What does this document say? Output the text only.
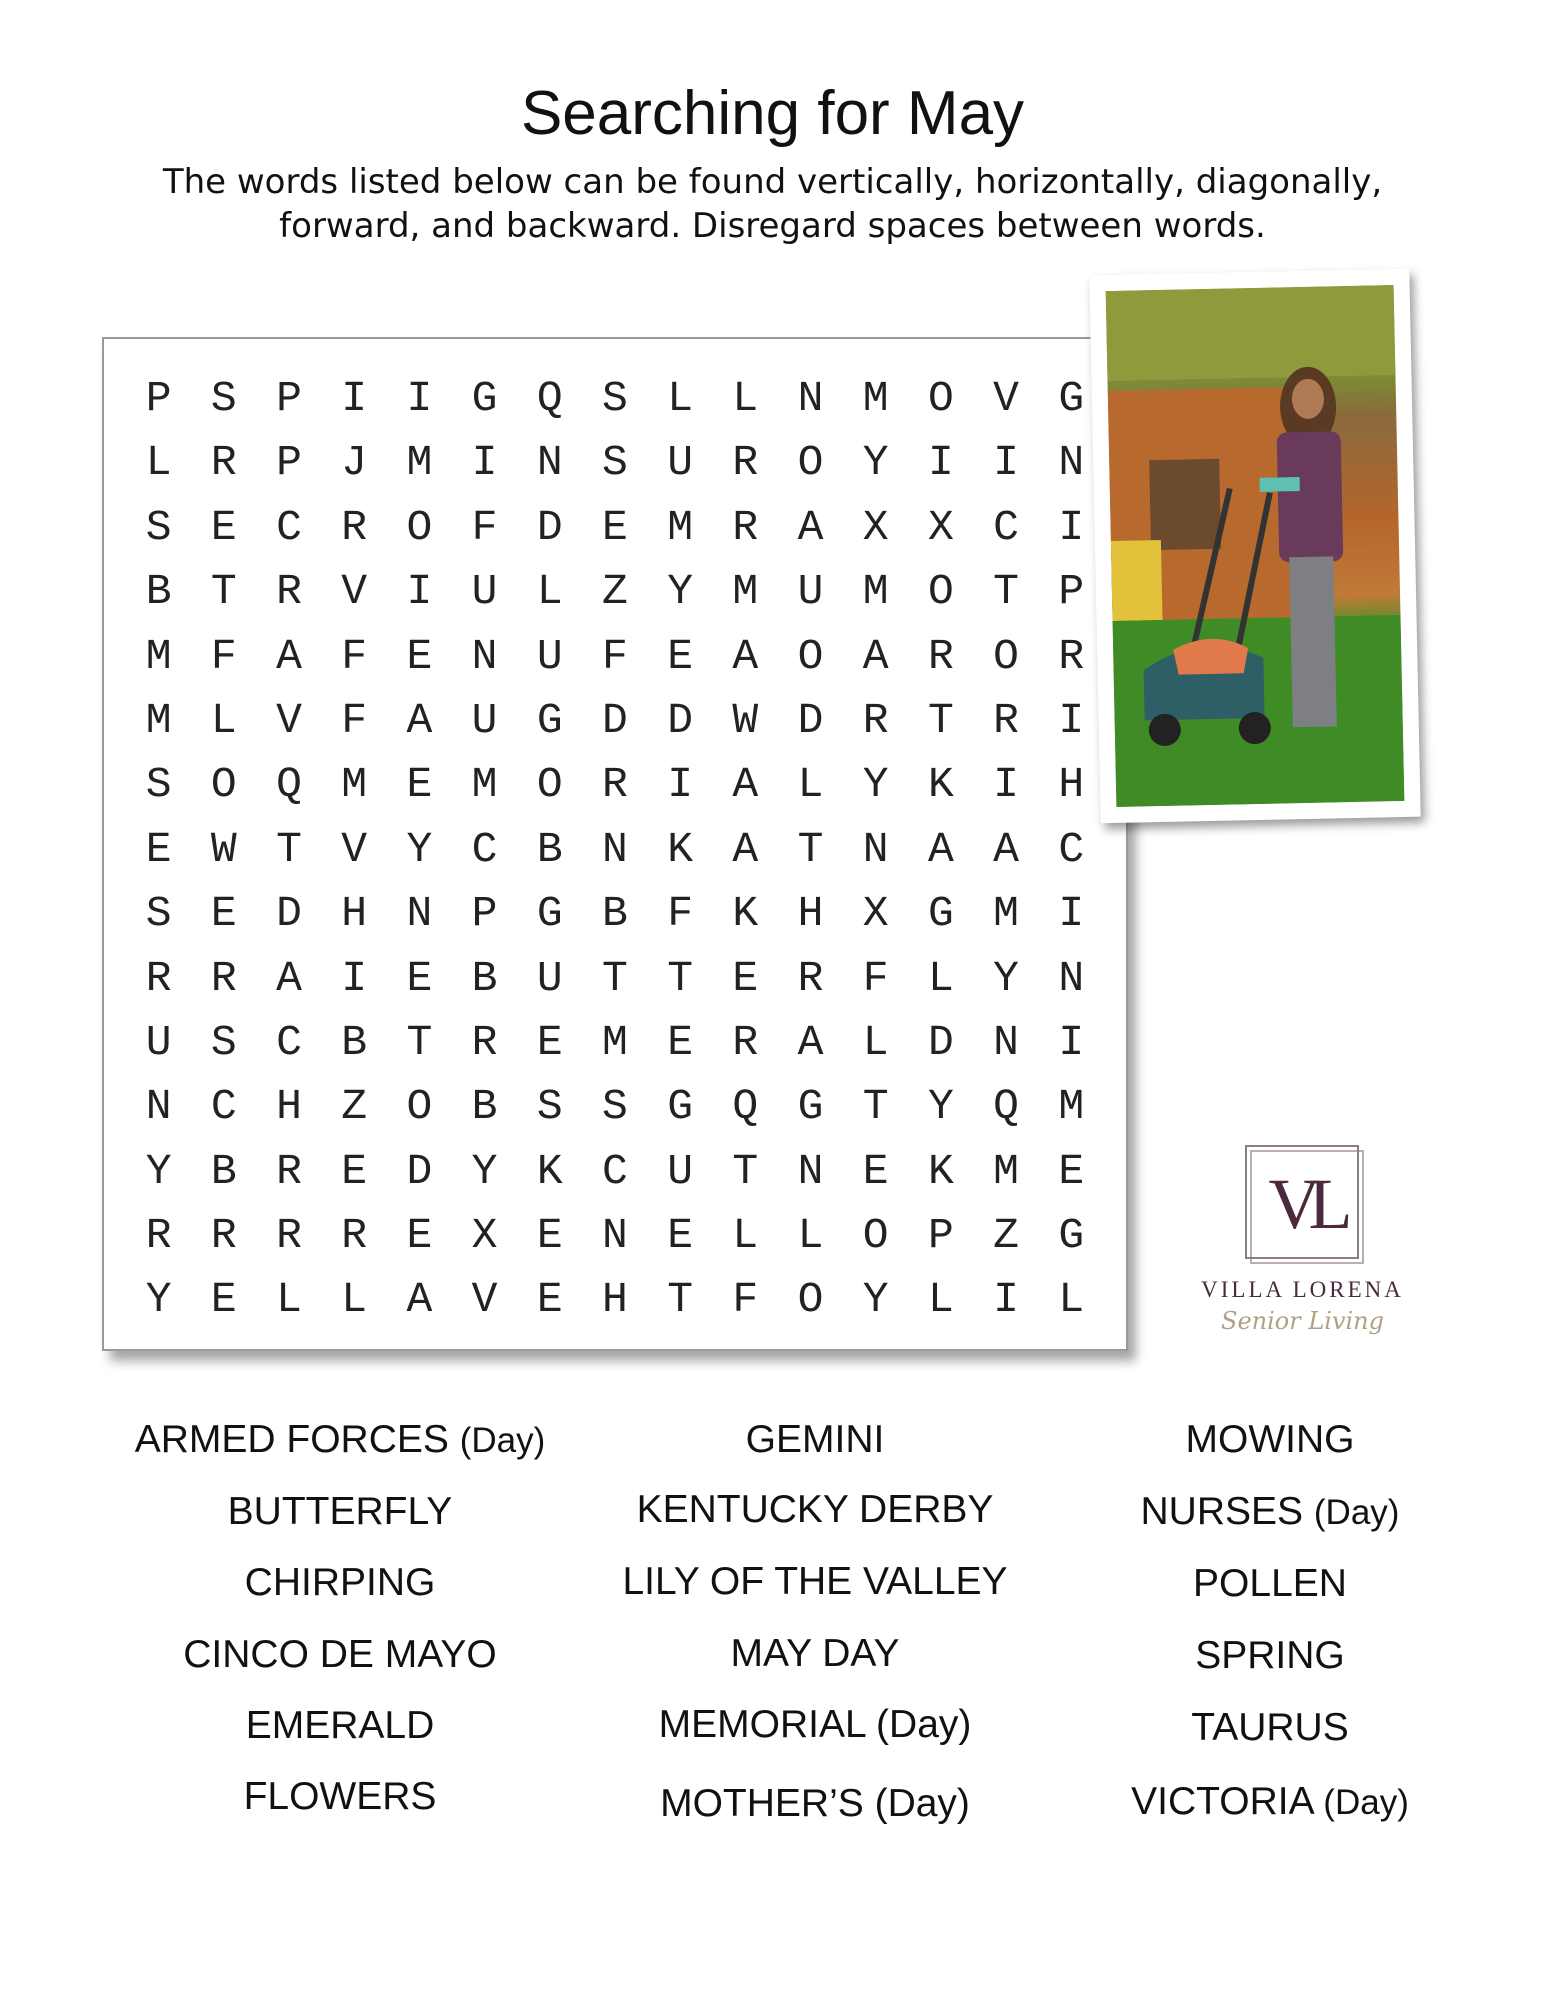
Searching for May
The words listed below can be found vertically, horizontally, diagonally, forward, and backward. Disregard spaces between words.
P S P I I G Q S L L N M O V G
L R P J M I N S U R O Y I I N
S E C R O F D E M R A X X C I
B T R V I U L Z Y M U M O T P
M F A F E N U F E A O A R O R
M L V F A U G D D W D R T R I
S O Q M E M O R I A L Y K I H
E W T V Y C B N K A T N A A C
S E D H N P G B F K H X G M I
R R A I E B U T T E R F L Y N
U S C B T R E M E R A L D N I
N C H Z O B S S G Q G T Y Q M
Y B R E D Y K C U T N E K M E
R R R R E X E N E L L O P Z G
Y E L L A V E H T F O Y L I L
VL
VILLA LORENA
Senior Living
ARMED FORCES (Day)
BUTTERFLY
CHIRPING
CINCO DE MAYO
EMERALD
FLOWERS
GEMINI
KENTUCKY DERBY
LILY OF THE VALLEY
MAY DAY
MEMORIAL (Day)
MOTHER’S (Day)
MOWING
NURSES (Day)
POLLEN
SPRING
TAURUS
VICTORIA (Day)
